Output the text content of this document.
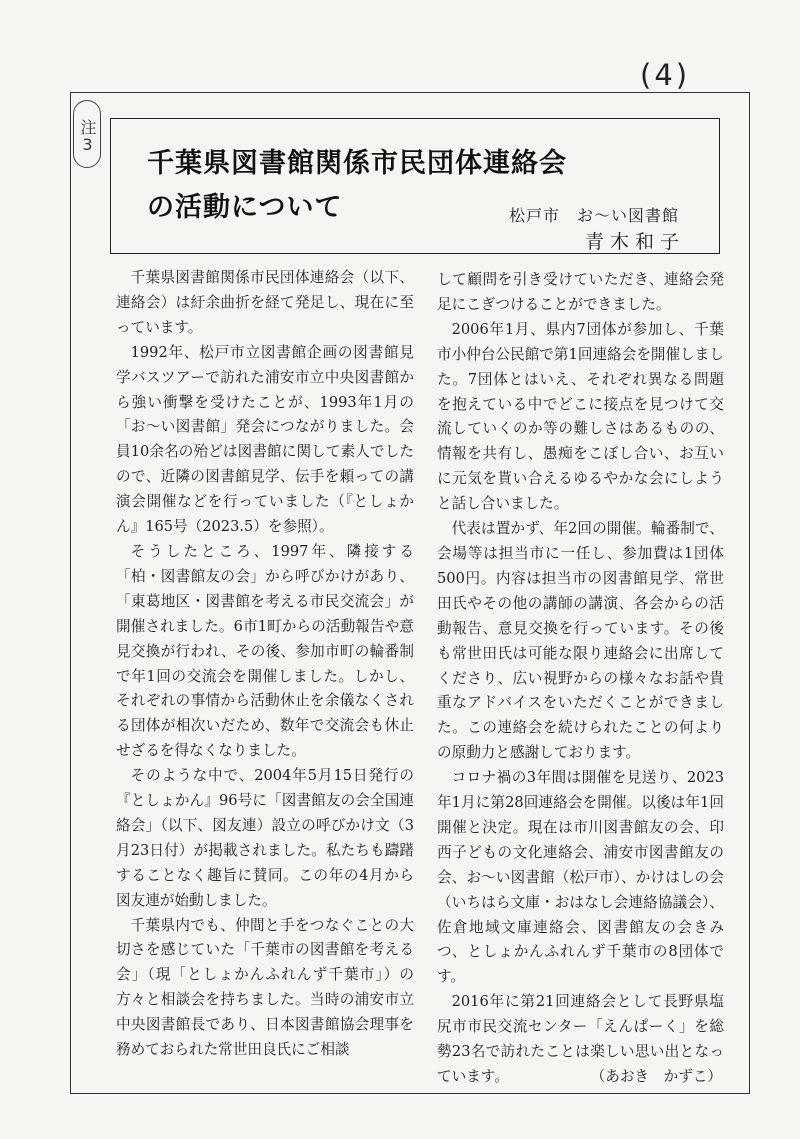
(4)
注3
千葉県図書館関係市民団体連絡会
の活動について	松戸市　お～い図書館
青木和子

千葉県図書館関係市民団体連絡会（以下、連絡会）は紆余曲折を経て発足し、現在に至っています。

1992年、松戸市立図書館企画の図書館見学バスツアーで訪れた浦安市立中央図書館から強い衝撃を受けたことが、1993年1月の「お～い図書館」発会につながりました。会員10余名の殆どは図書館に関して素人でしたので、近隣の図書館見学、伝手を頼っての講演会開催などを行っていました（『としょかん』165号（2023.5）を参照）。

そうしたところ、1997年、隣接する「柏・図書館友の会」から呼びかけがあり、「東葛地区・図書館を考える市民交流会」が開催されました。6市1町からの活動報告や意見交換が行われ、その後、参加市町の輪番制で年1回の交流会を開催しました。しかし、それぞれの事情から活動休止を余儀なくされる団体が相次いだため、数年で交流会も休止せざるを得なくなりました。

そのような中で、2004年5月15日発行の『としょかん』96号に「図書館友の会全国連絡会」（以下、図友連）設立の呼びかけ文（3月23日付）が掲載されました。私たちも躊躇することなく趣旨に賛同。この年の4月から図友連が始動しました。

千葉県内でも、仲間と手をつなぐことの大切さを感じていた「千葉市の図書館を考える会」（現「としょかんふれんず千葉市」）の方々と相談会を持ちました。当時の浦安市立中央図書館長であり、日本図書館協会理事を務めておられた常世田良氏にご相談

して顧問を引き受けていただき、連絡会発足にこぎつけることができました。

2006年1月、県内7団体が参加し、千葉市小仲台公民館で第1回連絡会を開催しました。7団体とはいえ、それぞれ異なる問題を抱えている中でどこに接点を見つけて交流していくのか等の難しさはあるものの、情報を共有し、愚痴をこぼし合い、お互いに元気を貰い合えるゆるやかな会にしようと話し合いました。

代表は置かず、年2回の開催。輪番制で、会場等は担当市に一任し、参加費は1団体500円。内容は担当市の図書館見学、常世田氏やその他の講師の講演、各会からの活動報告、意見交換を行っています。その後も常世田氏は可能な限り連絡会に出席してくださり、広い視野からの様々なお話や貴重なアドバイスをいただくことができました。この連絡会を続けられたことの何よりの原動力と感謝しております。

コロナ禍の3年間は開催を見送り、2023年1月に第28回連絡会を開催。以後は年1回開催と決定。現在は市川図書館友の会、印西子どもの文化連絡会、浦安市図書館友の会、お～い図書館（松戸市）、かけはしの会（いちはら文庫・おはなし会連絡協議会）、佐倉地域文庫連絡会、図書館友の会きみつ、としょかんふれんず千葉市の8団体です。

2016年に第21回連絡会として長野県塩尻市市民交流センター「えんぱーく」を総勢23名で訪れたことは楽しい思い出となっています。	（あおき　かずこ）
